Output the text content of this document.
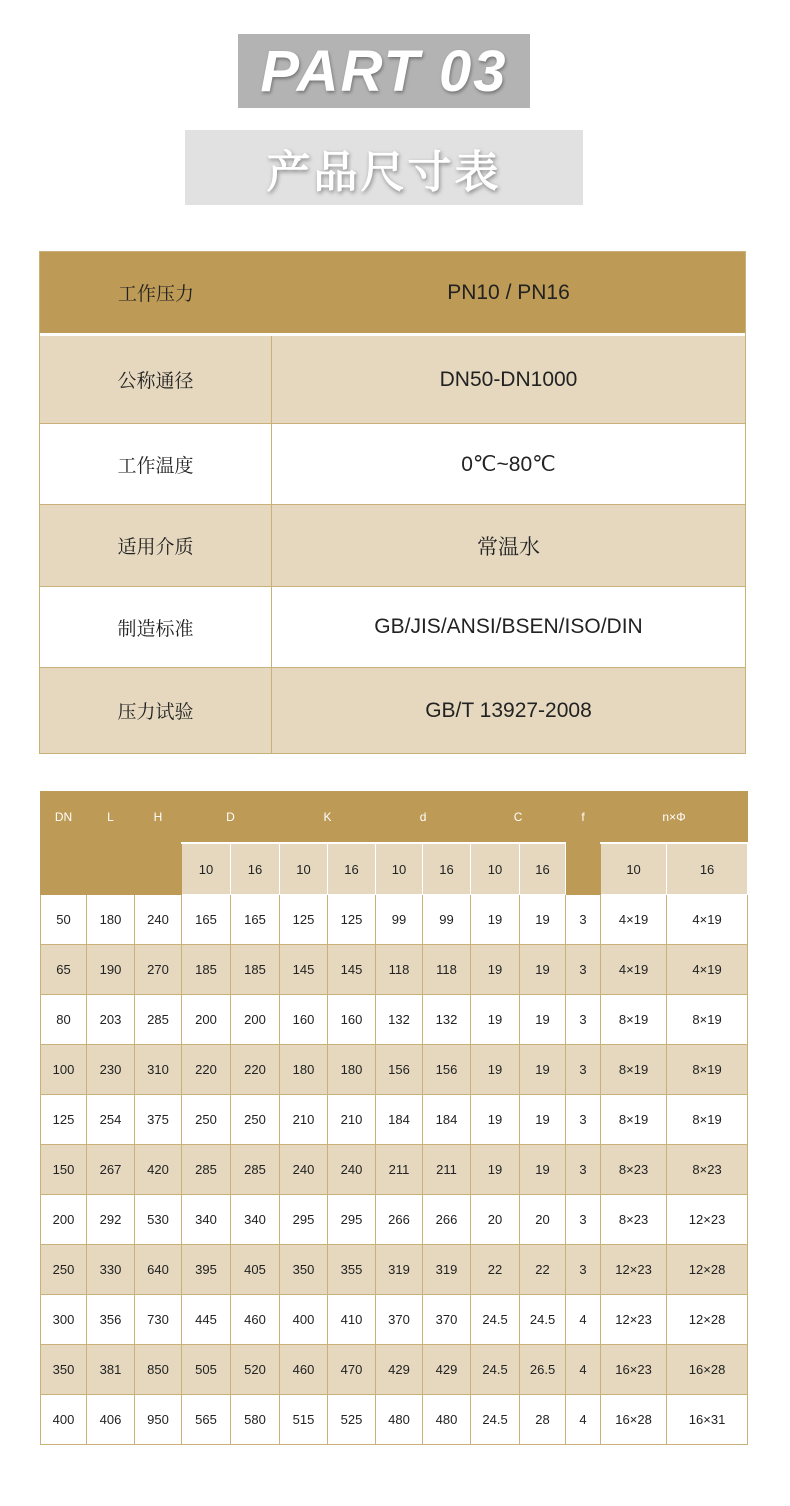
PART 03
产品尺寸表
工作压力	PN10 / PN16
公称通径	DN50-DN1000
工作温度	0℃~80℃
适用介质	常温水
制造标准	GB/JIS/ANSI/BSEN/ISO/DIN
压力试验	GB/T 13927-2008
DN	L	H	D		K		d		C		f	n×Φ	
			10	16	10	16	10	16	10	16		10	16
50	180	240	165	165	125	125	99	99	19	19	3	4×19	4×19
65	190	270	185	185	145	145	118	118	19	19	3	4×19	4×19
80	203	285	200	200	160	160	132	132	19	19	3	8×19	8×19
100	230	310	220	220	180	180	156	156	19	19	3	8×19	8×19
125	254	375	250	250	210	210	184	184	19	19	3	8×19	8×19
150	267	420	285	285	240	240	211	211	19	19	3	8×23	8×23
200	292	530	340	340	295	295	266	266	20	20	3	8×23	12×23
250	330	640	395	405	350	355	319	319	22	22	3	12×23	12×28
300	356	730	445	460	400	410	370	370	24.5	24.5	4	12×23	12×28
350	381	850	505	520	460	470	429	429	24.5	26.5	4	16×23	16×28
400	406	950	565	580	515	525	480	480	24.5	28	4	16×28	16×31
